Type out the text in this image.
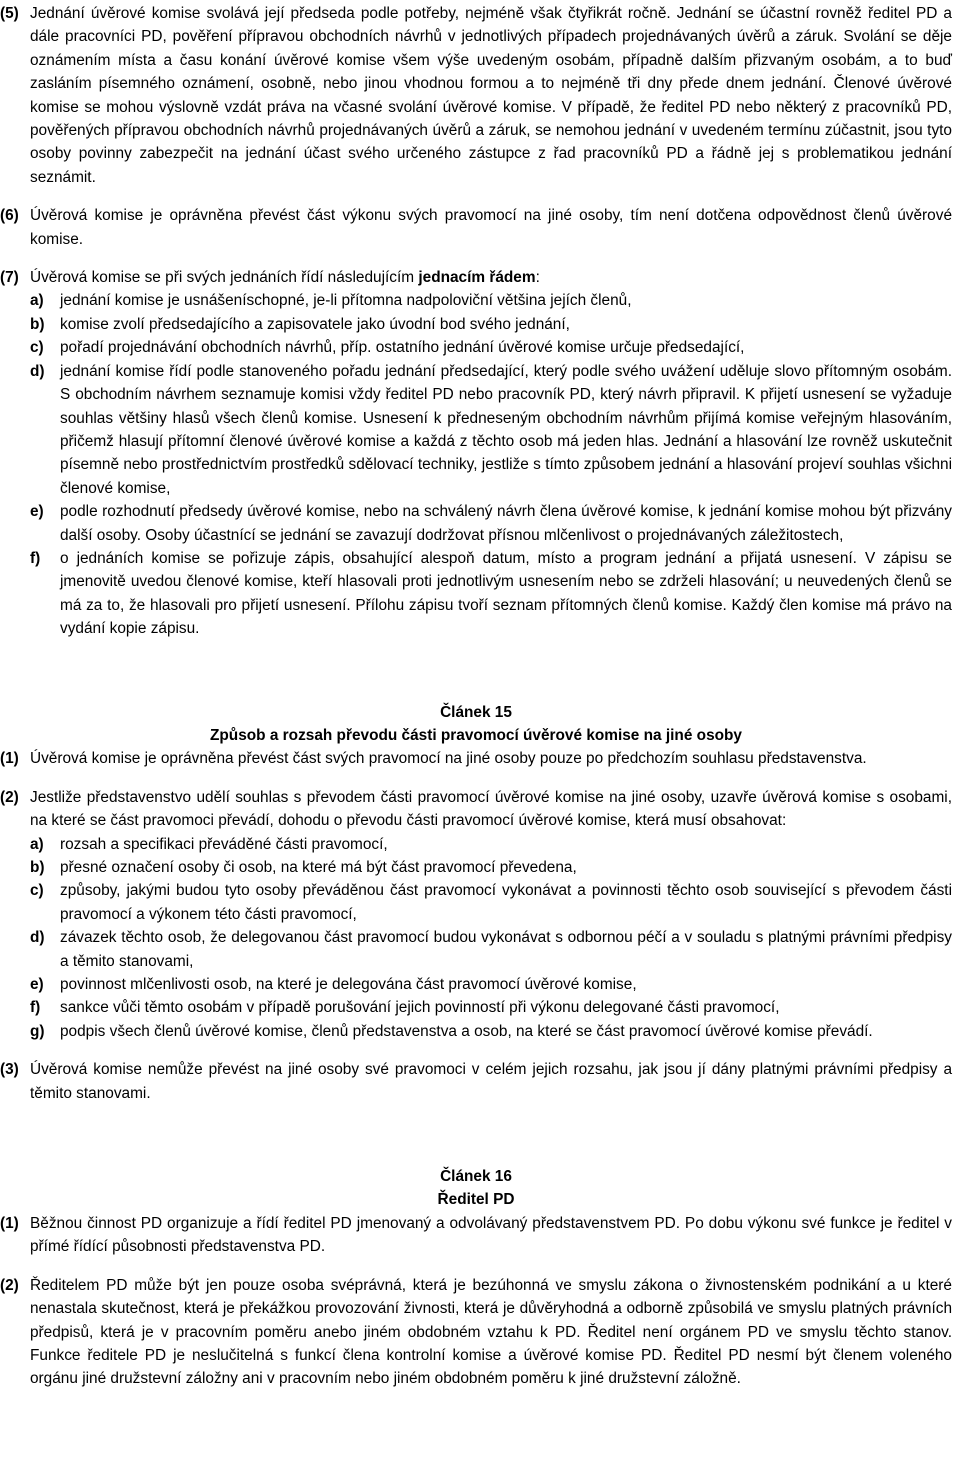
(5) Jednání úvěrové komise svolává její předseda podle potřeby, nejméně však čtyřikrát ročně. Jednání se účastní rovněž ředitel PD a dále pracovníci PD, pověření přípravou obchodních návrhů v jednotlivých případech projednávaných úvěrů a záruk. Svolání se děje oznámením místa a času konání úvěrové komise všem výše uvedeným osobám, případně dalším přizvaným osobám, a to buď zasláním písemného oznámení, osobně, nebo jinou vhodnou formou a to nejméně tři dny přede dnem jednání. Členové úvěrové komise se mohou výslovně vzdát práva na včasné svolání úvěrové komise. V případě, že ředitel PD nebo některý z pracovníků PD, pověřených přípravou obchodních návrhů projednávaných úvěrů a záruk, se nemohou jednání v uvedeném termínu zúčastnit, jsou tyto osoby povinny zabezpečit na jednání účast svého určeného zástupce z řad pracovníků PD a řádně jej s problematikou jednání seznámit.

(6) Úvěrová komise je oprávněna převést část výkonu svých pravomocí na jiné osoby, tím není dotčena odpovědnost členů úvěrové komise.

(7) Úvěrová komise se při svých jednáních řídí následujícím jednacím řádem:

a) jednání komise je usnášeníschopné, je-li přítomna nadpoloviční většina jejích členů,

b) komise zvolí předsedajícího a zapisovatele jako úvodní bod svého jednání,

c) pořadí projednávání obchodních návrhů, příp. ostatního jednání úvěrové komise určuje předsedající,

d) jednání komise řídí podle stanoveného pořadu jednání předsedající, který podle svého uvážení uděluje slovo přítomným osobám. S obchodním návrhem seznamuje komisi vždy ředitel PD nebo pracovník PD, který návrh připravil. K přijetí usnesení se vyžaduje souhlas většiny hlasů všech členů komise. Usnesení k předneseným obchodním návrhům přijímá komise veřejným hlasováním, přičemž hlasují přítomní členové úvěrové komise a každá z těchto osob má jeden hlas. Jednání a hlasování lze rovněž uskutečnit písemně nebo prostřednictvím prostředků sdělovací techniky, jestliže s tímto způsobem jednání a hlasování projeví souhlas všichni členové komise,

e) podle rozhodnutí předsedy úvěrové komise, nebo na schválený návrh člena úvěrové komise, k jednání komise mohou být přizvány další osoby. Osoby účastnící se jednání se zavazují dodržovat přísnou mlčenlivost o projednávaných záležitostech,

f) o jednáních komise se pořizuje zápis, obsahující alespoň datum, místo a program jednání a přijatá usnesení. V zápisu se jmenovitě uvedou členové komise, kteří hlasovali proti jednotlivým usnesením nebo se zdrželi hlasování; u neuvedených členů se má za to, že hlasovali pro přijetí usnesení. Přílohu zápisu tvoří seznam přítomných členů komise. Každý člen komise má právo na vydání kopie zápisu.

Článek 15
Způsob a rozsah převodu části pravomocí úvěrové komise na jiné osoby

(1) Úvěrová komise je oprávněna převést část svých pravomocí na jiné osoby pouze po předchozím souhlasu představenstva.

(2) Jestliže představenstvo udělí souhlas s převodem části pravomocí úvěrové komise na jiné osoby, uzavře úvěrová komise s osobami, na které se část pravomoci převádí, dohodu o převodu části pravomocí úvěrové komise, která musí obsahovat:

a) rozsah a specifikaci převáděné části pravomocí,

b) přesné označení osoby či osob, na které má být část pravomocí převedena,

c) způsoby, jakými budou tyto osoby převáděnou část pravomocí vykonávat a povinnosti těchto osob související s převodem části pravomocí a výkonem této části pravomocí,

d) závazek těchto osob, že delegovanou část pravomocí budou vykonávat s odbornou péčí a v souladu s platnými právními předpisy a těmito stanovami,

e) povinnost mlčenlivosti osob, na které je delegována část pravomocí úvěrové komise,

f) sankce vůči těmto osobám v případě porušování jejich povinností při výkonu delegované části pravomocí,

g) podpis všech členů úvěrové komise, členů představenstva a osob, na které se část pravomocí úvěrové komise převádí.

(3) Úvěrová komise nemůže převést na jiné osoby své pravomoci v celém jejich rozsahu, jak jsou jí dány platnými právními předpisy a těmito stanovami.

Článek 16
Ředitel PD

(1) Běžnou činnost PD organizuje a řídí ředitel PD jmenovaný a odvolávaný představenstvem PD. Po dobu výkonu své funkce je ředitel v přímé řídící působnosti představenstva PD.

(2) Ředitelem PD může být jen pouze osoba svéprávná, která je bezúhonná ve smyslu zákona o živnostenském podnikání a u které nenastala skutečnost, která je překážkou provozování živnosti, která je důvěryhodná a odborně způsobilá ve smyslu platných právních předpisů, která je v pracovním poměru anebo jiném obdobném vztahu k PD. Ředitel není orgánem PD ve smyslu těchto stanov. Funkce ředitele PD je neslučitelná s funkcí člena kontrolní komise a úvěrové komise PD. Ředitel PD nesmí být členem voleného orgánu jiné družstevní záložny ani v pracovním nebo jiném obdobném poměru k jiné družstevní záložně.
